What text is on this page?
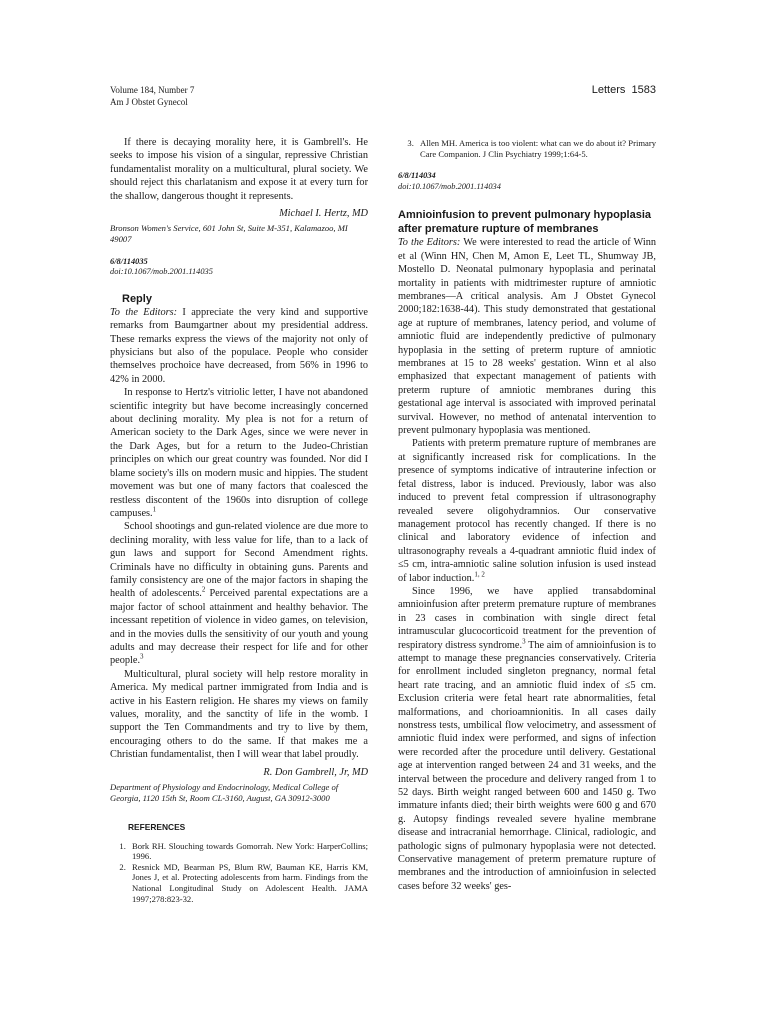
Volume 184, Number 7
Am J Obstet Gynecol
Letters 1583

If there is decaying morality here, it is Gambrell's. He seeks to impose his vision of a singular, repressive Christian fundamentalist morality on a multicultural, plural society. We should reject this charlatanism and expose it at every turn for the shallow, dangerous thought it represents.

Michael I. Hertz, MD
Bronson Women's Service, 601 John St, Suite M-351, Kalamazoo, MI 49007
6/8/114035
doi:10.1067/mob.2001.114035
Reply

To the Editors: I appreciate the very kind and supportive remarks from Baumgartner about my presidential address. These remarks express the views of the majority not only of physicians but also of the populace. People who consider themselves prochoice have decreased, from 56% in 1996 to 42% in 2000.

In response to Hertz's vitriolic letter, I have not abandoned scientific integrity but have become increasingly concerned about declining morality. My plea is not for a return of American society to the Dark Ages, since we were never in the Dark Ages, but for a return to the Judeo-Christian principles on which our great country was founded. Nor did I blame society's ills on modern music and hippies. The student movement was but one of many factors that coalesced the restless discontent of the 1960s into disruption of college campuses.$^1$

School shootings and gun-related violence are due more to declining morality, with less value for life, than to a lack of gun laws and support for Second Amendment rights. Criminals have no difficulty in obtaining guns. Parents and family consistency are one of the major factors in shaping the health of adolescents.$^2$ Perceived parental expectations are a major factor of school attainment and healthy behavior. The incessant repetition of violence in video games, on television, and in the movies dulls the sensitivity of our youth and young adults and may decrease their respect for life and for other people.$^3$

Multicultural, plural society will help restore morality in America. My medical partner immigrated from India and is active in his Eastern religion. He shares my views on family values, morality, and the sanctity of life in the womb. I support the Ten Commandments and try to live by them, encouraging others to do the same. If that makes me a Christian fundamentalist, then I will wear that label proudly.

R. Don Gambrell, Jr, MD
Department of Physiology and Endocrinology, Medical College of Georgia, 1120 15th St, Room CL-3160, August, GA 30912-3000
REFERENCES
1. Bork RH. Slouching towards Gomorrah. New York: HarperCollins; 1996.
2. Resnick MD, Bearman PS, Blum RW, Bauman KE, Harris KM, Jones J, et al. Protecting adolescents from harm. Findings from the National Longitudinal Study on Adolescent Health. JAMA 1997;278:823-32.
3. Allen MH. America is too violent: what can we do about it? Primary Care Companion. J Clin Psychiatry 1999;1:64-5.
6/8/114034
doi:10.1067/mob.2001.114034
Amnioinfusion to prevent pulmonary hypoplasia after premature rupture of membranes

To the Editors: We were interested to read the article of Winn et al (Winn HN, Chen M, Amon E, Leet TL, Shumway JB, Mostello D. Neonatal pulmonary hypoplasia and perinatal mortality in patients with midtrimester rupture of amniotic membranes—A critical analysis. Am J Obstet Gynecol 2000;182:1638-44). This study demonstrated that gestational age at rupture of membranes, latency period, and volume of amniotic fluid are independently predictive of pulmonary hypoplasia in the setting of preterm rupture of amniotic membranes at 15 to 28 weeks' gestation. Winn et al also emphasized that expectant management of patients with preterm rupture of amniotic membranes during this gestational age interval is associated with improved perinatal survival. However, no method of antenatal intervention to prevent pulmonary hypoplasia was mentioned.

Patients with preterm premature rupture of membranes are at significantly increased risk for complications. In the presence of symptoms indicative of intrauterine infection or fetal distress, labor is induced. Previously, labor was also induced to prevent fetal compression if ultrasonography revealed severe oligohydramnios. Our conservative management protocol has recently changed. If there is no clinical and laboratory evidence of infection and ultrasonography reveals a 4-quadrant amniotic fluid index of ≤5 cm, intra-amniotic saline solution infusion is used instead of labor induction.$^{1, 2}$

Since 1996, we have applied transabdominal amnioinfusion after preterm premature rupture of membranes in 23 cases in combination with single direct fetal intramuscular glucocorticoid treatment for the prevention of respiratory distress syndrome.$^3$ The aim of amnioinfusion is to attempt to manage these pregnancies conservatively. Criteria for enrollment included singleton pregnancy, normal fetal heart rate tracing, and an amniotic fluid index of ≤5 cm. Exclusion criteria were fetal heart rate abnormalities, fetal malformations, and chorioamnionitis. In all cases daily nonstress tests, umbilical flow velocimetry, and assessment of amniotic fluid index were performed, and signs of infection were recorded after the procedure until delivery. Gestational age at intervention ranged between 24 and 31 weeks, and the interval between the procedure and delivery ranged from 1 to 52 days. Birth weight ranged between 600 and 1450 g. Two immature infants died; their birth weights were 600 g and 670 g. Autopsy findings revealed severe hyaline membrane disease and intracranial hemorrhage. Clinical, radiologic, and pathologic signs of pulmonary hypoplasia were not detected. Conservative management of preterm premature rupture of membranes and the introduction of amnioinfusion in selected cases before 32 weeks' ges-
